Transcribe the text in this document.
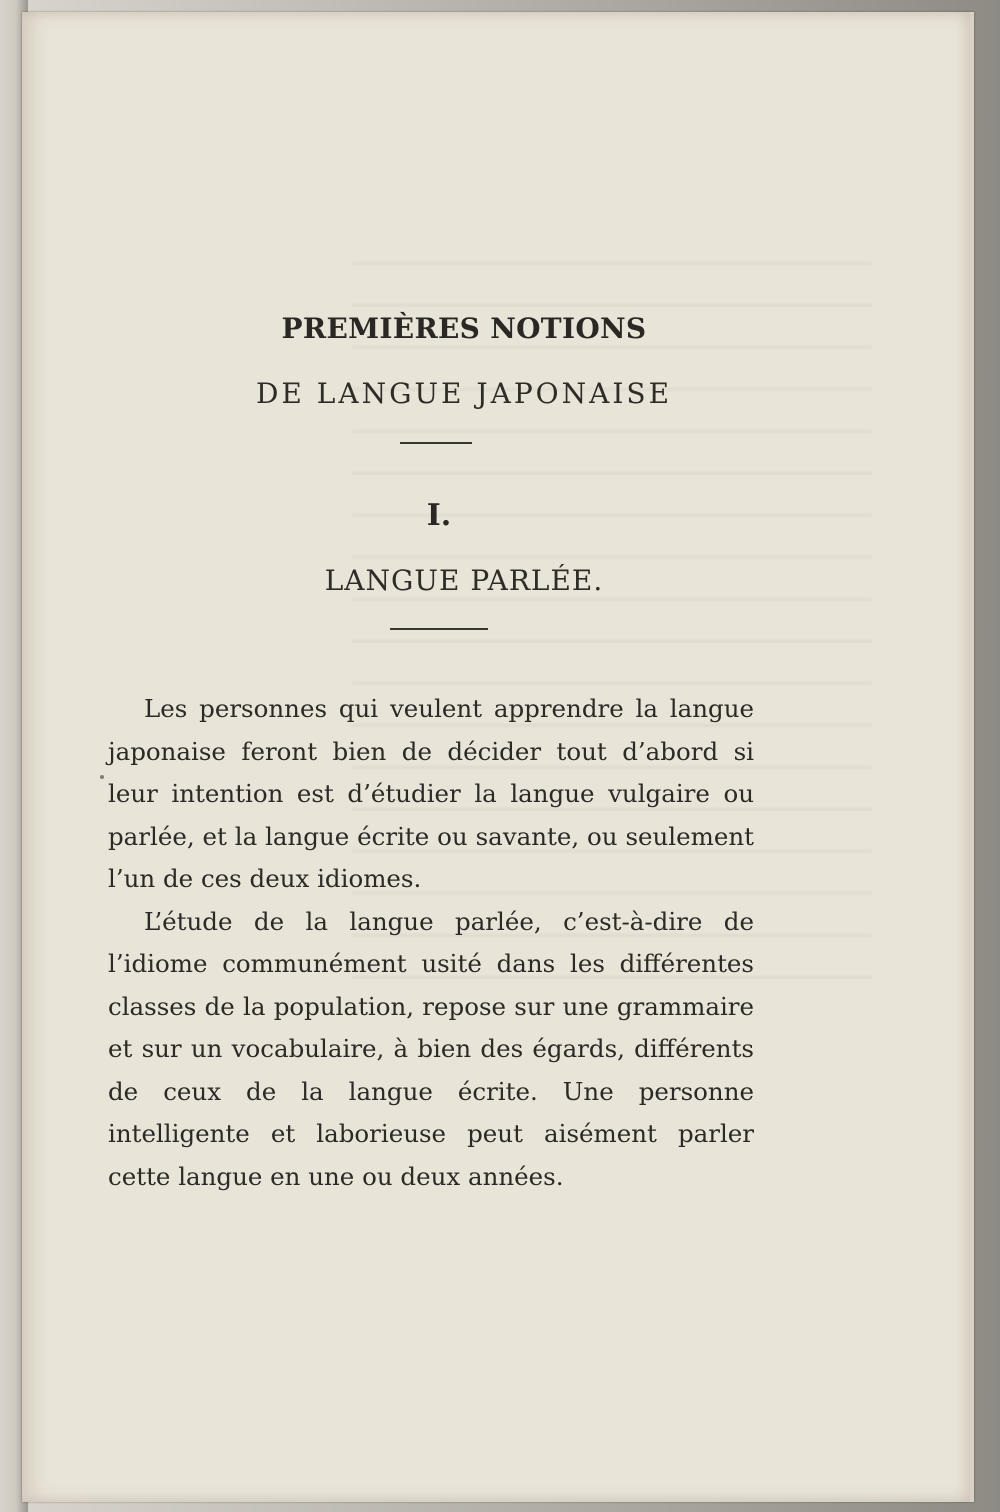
PREMIÈRES NOTIONS
DE LANGUE JAPONAISE
I.
LANGUE PARLÉE.

Les personnes qui veulent apprendre la langue japonaise feront bien de décider tout d’abord si leur intention est d’étudier la langue vulgaire ou parlée, et la langue écrite ou savante, ou seulement l’un de ces deux idiomes.

L’étude de la langue parlée, c’est-à-dire de l’idiome communément usité dans les différentes classes de la population, repose sur une grammaire et sur un vocabulaire, à bien des égards, différents de ceux de la langue écrite. Une personne intelligente et laborieuse peut aisément parler cette langue en une ou deux années.
